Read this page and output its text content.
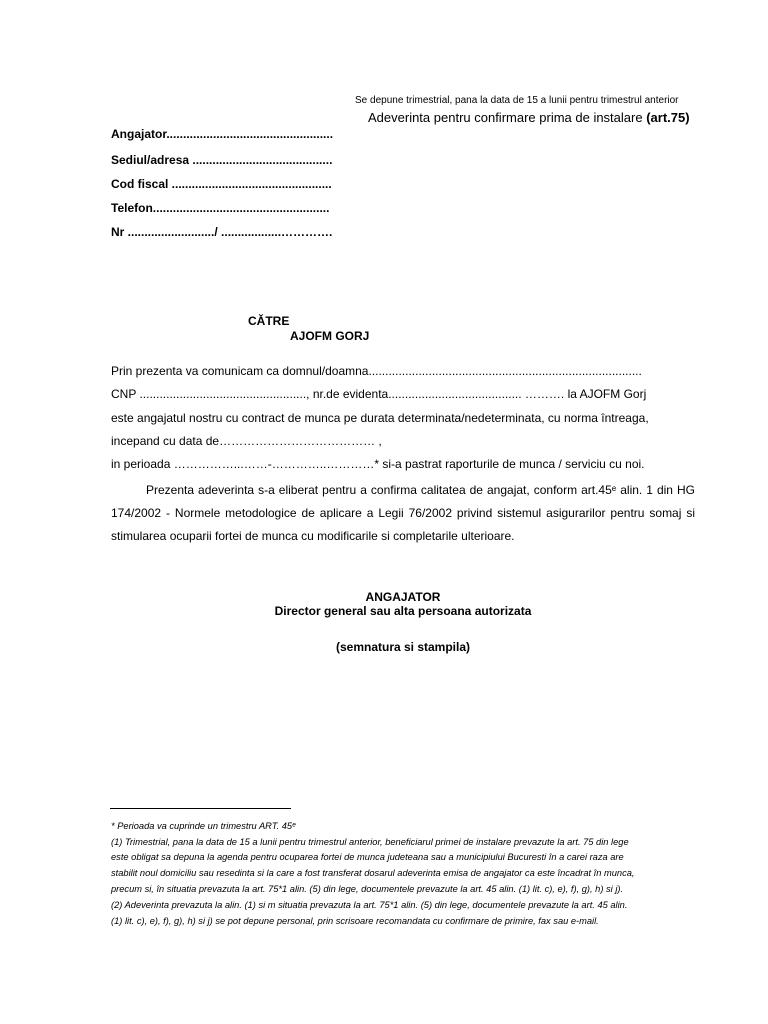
Se depune trimestrial, pana la data de 15 a lunii pentru trimestrul anterior
Adeverinta pentru confirmare prima de instalare (art.75)
Angajator..................................................
Sediul/adresa ..........................................
Cod fiscal ................................................
Telefon.....................................................
Nr ........................../ ..................………….
CĂTRE
AJOFM GORJ
Prin prezenta va comunicam ca domnul/doamna..................................................................................
CNP .................................................., nr.de evidenta........................................ ………. la AJOFM Gorj
este angajatul nostru cu contract de munca pe durata determinata/nedeterminata, cu norma întreaga,
incepand cu data de………………………………… ,
in perioada ……………...……-…………..…………* si-a pastrat raporturile de munca / serviciu cu noi.
Prezenta adeverinta s-a eliberat pentru a confirma calitatea de angajat, conform art.45ᵉ alin. 1 din HG 174/2002 - Normele metodologice de aplicare a Legii 76/2002 privind sistemul asigurarilor pentru somaj si stimularea ocuparii fortei de munca cu modificarile si completarile ulterioare.
ANGAJATOR
Director general sau alta persoana autorizata
(semnatura si stampila)
* Perioada va cuprinde un trimestru ART. 45ᵉ
(1) Trimestrial, pana la data de 15 a lunii pentru trimestrul anterior, beneficiarul primei de instalare prevazute la art. 75 din lege
este obligat sa depuna la agenda pentru ocuparea fortei de munca judeteana sau a municipiului Bucuresti în a carei raza are
stabilit noul domiciliu sau resedinta si la care a fost transferat dosarul adeverinta emisa de angajator ca este încadrat în munca,
precum si, în situatia prevazuta la art. 75*1 alin. (5) din lege, documentele prevazute la art. 45 alin. (1) lit. c), e), f), g), h) si j).
(2) Adeverinta prevazuta la alin. (1) si m situatia prevazuta la art. 75*1 alin. (5) din lege, documentele prevazute la art. 45 alin.
(1) lit. c), e), f), g), h) si j) se pot depune personal, prin scrisoare recomandata cu confirmare de primire, fax sau e-mail.
